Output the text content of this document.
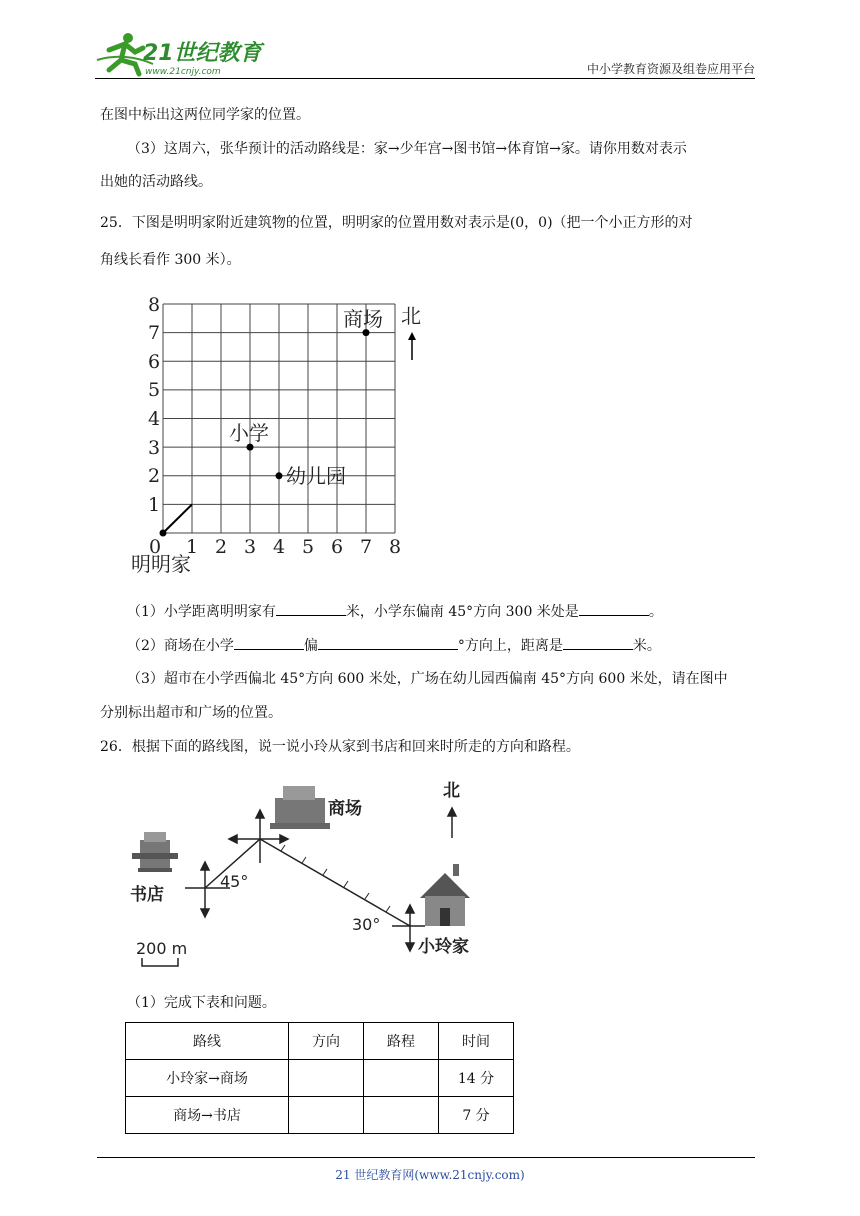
21世纪教育
www.21cnjy.com	中小学教育资源及组卷应用平台
在图中标出这两位同学家的位置。
（3）这周六，张华预计的活动路线是：家→少年宫→图书馆→体育馆→家。请你用数对表示
出她的活动路线。
25．下图是明明家附近建筑物的位置，明明家的位置用数对表示是(0，0)（把一个小正方形的对
角线长看作 300 米）。
0 1 2 3 4 5 6 7 8
1
2
3
4
5
6
7
8
商场
小学
幼儿园
明明家
北
（1）小学距离明明家有	米，小学东偏南 45°方向 300 米处是	。
（2）商场在小学	偏	°方向上，距离是	米。
（3）超市在小学西偏北 45°方向 600 米处，广场在幼儿园西偏南 45°方向 600 米处，请在图中
分别标出超市和广场的位置。
26．根据下面的路线图，说一说小玲从家到书店和回来时所走的方向和路程。
商场
书店
小玲家
北
45°
30°
200 m
（1）完成下表和问题。
路线	方向	路程	时间
小玲家→商场			14 分
商场→书店			7 分
21 世纪教育网(www.21cnjy.com)
